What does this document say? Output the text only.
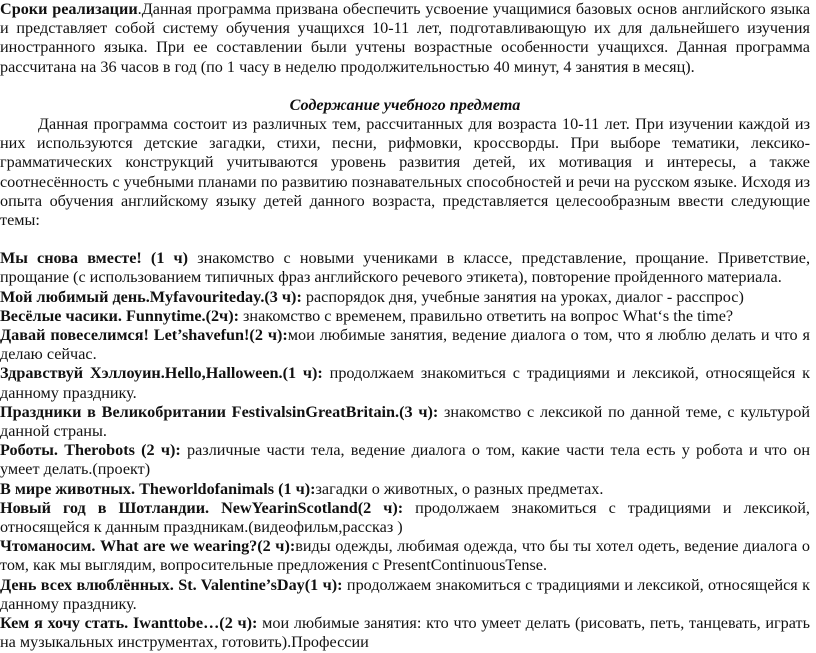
Сроки реализации.Данная программа призвана обеспечить усвоение учащимися базовых основ английского языка и представляет собой систему обучения учащихся 10-11 лет, подготавливающую их для дальнейшего изучения иностранного языка. При ее составлении были учтены возрастные особенности учащихся. Данная программа рассчитана на 36 часов в год (по 1 часу в неделю продолжительностью 40 минут, 4 занятия в месяц).

Содержание учебного предмета

Данная программа состоит из различных тем, рассчитанных для возраста 10-11 лет. При изучении каждой из них используются детские загадки, стихи, песни, рифмовки, кроссворды. При выборе тематики, лексико-грамматических конструкций учитываются уровень развития детей, их мотивация и интересы, а также соотнесённость с учебными планами по развитию познавательных способностей и речи на русском языке. Исходя из опыта обучения английскому языку детей данного возраста, представляется целесообразным ввести следующие темы:

Мы снова вместе! (1 ч) знакомство с новыми учениками в классе, представление, прощание. Приветствие, прощание (с использованием типичных фраз английского речевого этикета), повторение пройденного материала.

Мой любимый день.Myfavouriteday.(3 ч): распорядок дня, учебные занятия на уроках, диалог - расспрос)

Весёлые часики. Funnytime.(2ч): знакомство с временем, правильно ответить на вопрос What‘s the time?

Давай повеселимся! Let’shavefun!(2 ч):мои любимые занятия, ведение диалога о том, что я люблю делать и что я делаю сейчас.

Здравствуй Хэллоуин.Hello,Halloween.(1 ч): продолжаем знакомиться с традициями и лексикой, относящейся к данному празднику.

Праздники в Великобритании FestivalsinGreatBritain.(3 ч): знакомство с лексикой по данной теме, с культурой данной страны.

Роботы. Therobots (2 ч): различные части тела, ведение диалога о том, какие части тела есть у робота и что он умеет делать.(проект)

В мире животных. Theworldofanimals (1 ч):загадки о животных, о разных предметах.

Новый год в Шотландии. NewYearinScotland(2 ч): продолжаем знакомиться с традициями и лексикой, относящейся к данным праздникам.(видеофильм,рассказ )

Чтоманосим. What are we wearing?(2 ч):виды одежды, любимая одежда, что бы ты хотел одеть, ведение диалога о том, как мы выглядим, вопросительные предложения с PresentContinuousTense.

День всех влюблённых. St. Valentine’sDay(1 ч): продолжаем знакомиться с традициями и лексикой, относящейся к данному празднику.

Кем я хочу стать. Iwanttobe…(2 ч): мои любимые занятия: кто что умеет делать (рисовать, петь, танцевать, играть на музыкальных инструментах, готовить).Профессии
